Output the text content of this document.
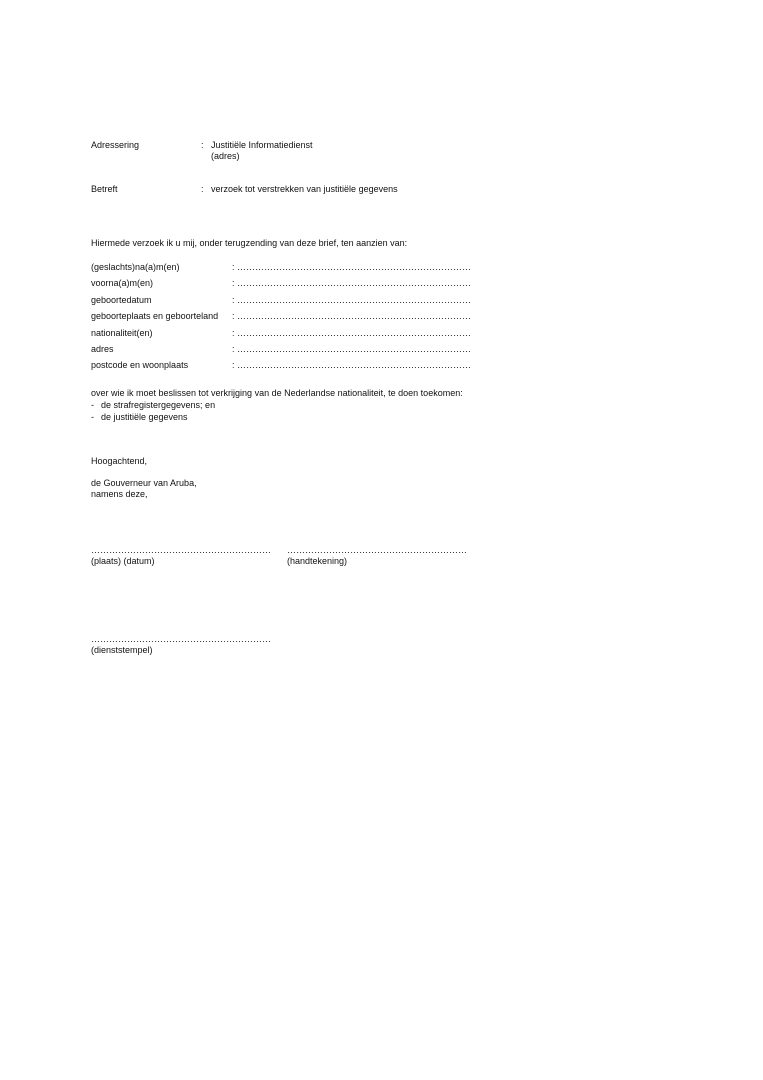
Adressering	: Justitiële Informatiedienst
(adres)
Betreft	: verzoek tot verstrekken van justitiële gegevens
Hiermede verzoek ik u mij, onder terugzending van deze brief, ten aanzien van:
(geslachts)na(a)m(en)	: ……………………………………………………………………
voorna(a)m(en)	: ……………………………………………………………………
geboortedatum	: ……………………………………………………………………
geboorteplaats en geboorteland : ……………………………………………………………………
nationaliteit(en)	: ……………………………………………………………………
adres	: ……………………………………………………………………
postcode en woonplaats	: ……………………………………………………………………
over wie ik moet beslissen tot verkrijging van de Nederlandse nationaliteit, te doen toekomen:
- de strafregistergegevens; en
- de justitiële gegevens
Hoogachtend,
de Gouverneur van Aruba,
namens deze,
……………………………………………………
(plaats) (datum)
……………………………………………………
(handtekening)
……………………………………………………
(dienststempel)
